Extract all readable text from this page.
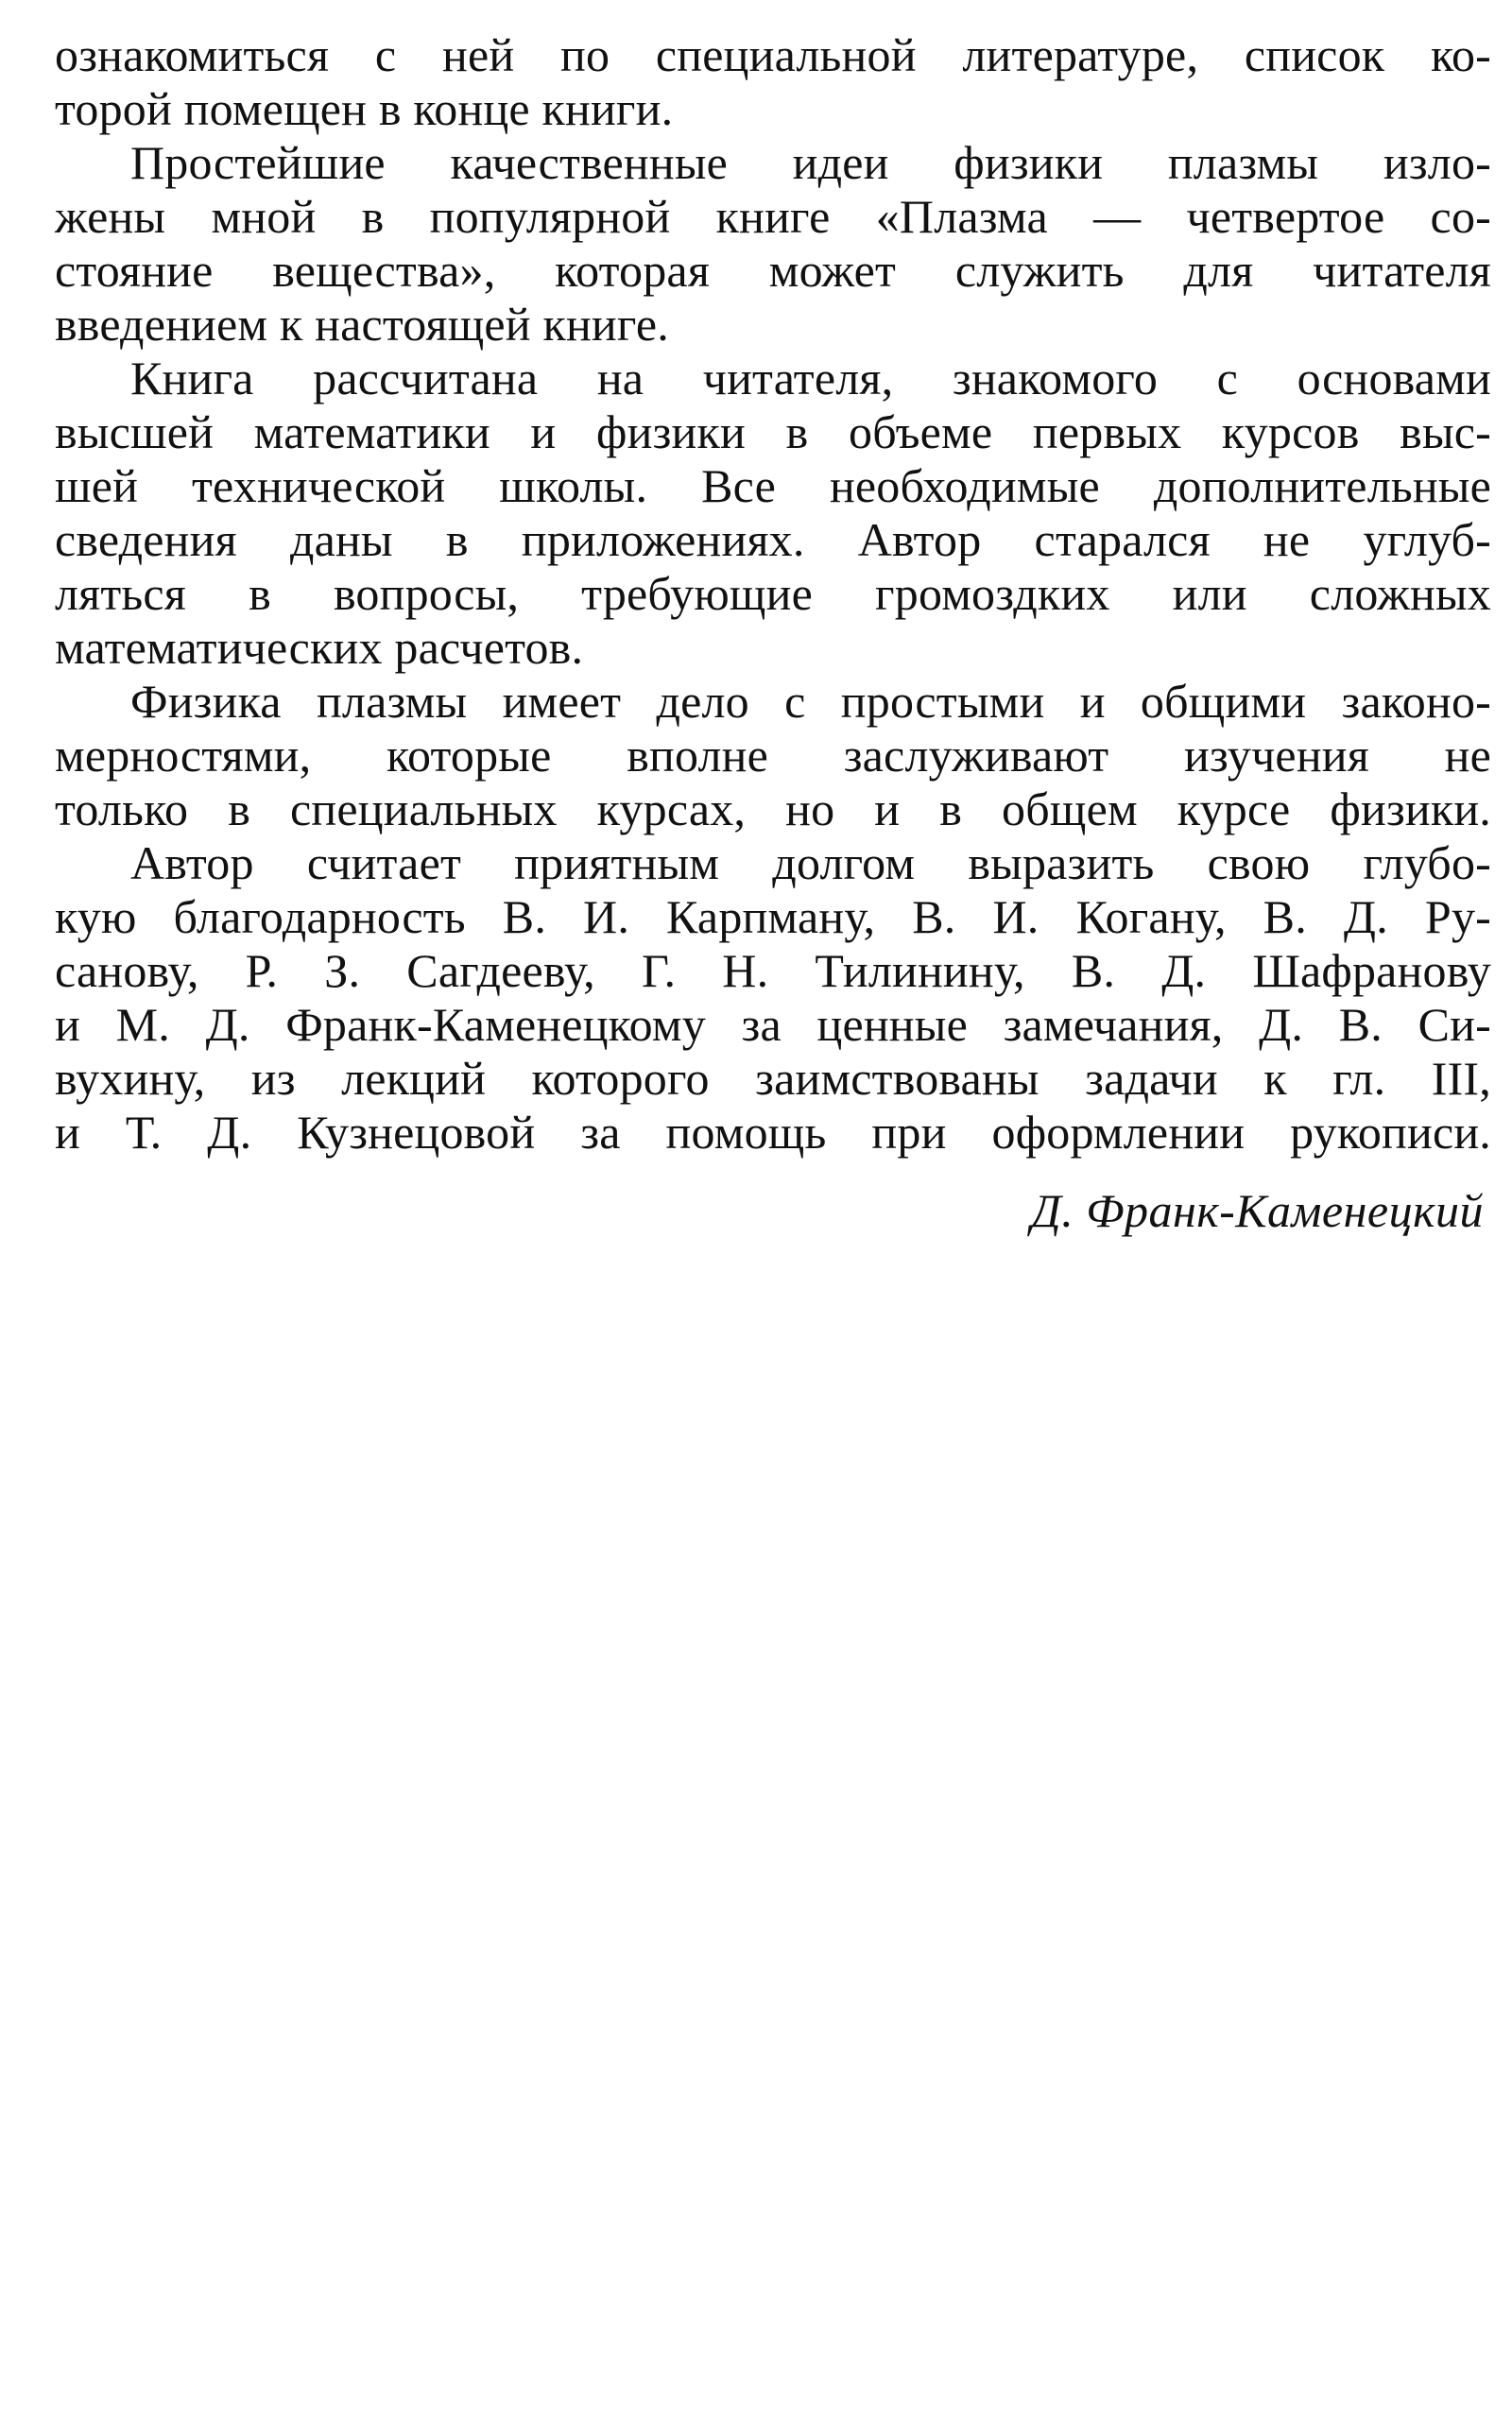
ознакомиться с ней по специальной литературе, список ко-
торой помещен в конце книги.
Простейшие качественные идеи физики плазмы изло-
жены мной в популярной книге «Плазма — четвертое со-
стояние вещества», которая может служить для читателя
введением к настоящей книге.
Книга рассчитана на читателя, знакомого с основами
высшей математики и физики в объеме первых курсов выс-
шей технической школы. Все необходимые дополнительные
сведения даны в приложениях. Автор старался не углуб-
ляться в вопросы, требующие громоздких или сложных
математических расчетов.
Физика плазмы имеет дело с простыми и общими законо-
мерностями, которые вполне заслуживают изучения не
только в специальных курсах, но и в общем курсе физики.
Автор считает приятным долгом выразить свою глубо-
кую благодарность В. И. Карпману, В. И. Когану, В. Д. Ру-
санову, Р. З. Сагдееву, Г. Н. Тилинину, В. Д. Шафранову
и М. Д. Франк-Каменецкому за ценные замечания, Д. В. Си-
вухину, из лекций которого заимствованы задачи к гл. III,
и Т. Д. Кузнецовой за помощь при оформлении рукописи.
Д. Франк-Каменецкий
